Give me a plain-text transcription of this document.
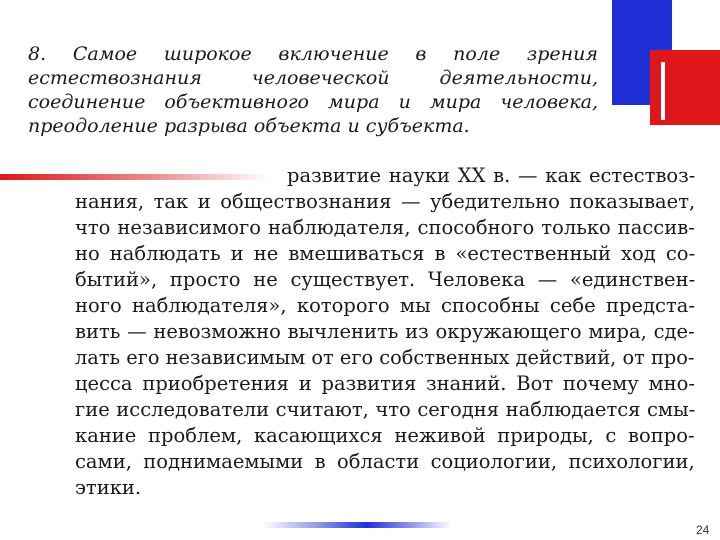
8. Самое широкое включение в поле зрения естествознания человеческой деятельности, соединение объективного мира и мира человека, преодоление разрыва объекта и субъекта.

развитие науки XX в. — как естествоз-
нания, так и обществознания — убедительно показывает,
что независимого наблюдателя, способного только пассив-
но наблюдать и не вмешиваться в «естественный ход со-
бытий», просто не существует. Человека — «единствен-
ного наблюдателя», которого мы способны себе предста-
вить — невозможно вычленить из окружающего мира, сде-
лать его независимым от его собственных действий, от про-
цесса приобретения и развития знаний. Вот почему мно-
гие исследователи считают, что сегодня наблюдается смы-
кание проблем, касающихся неживой природы, с вопро-
сами, поднимаемыми в области социологии, психологии,
этики.
24
